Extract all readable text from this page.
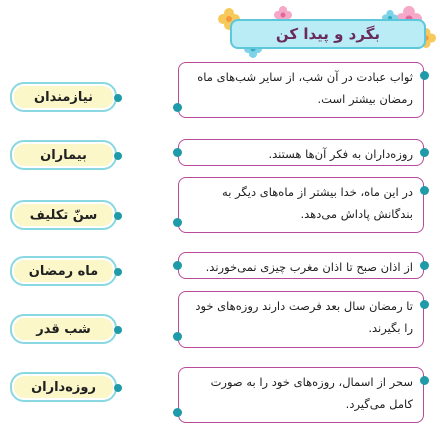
بگرد و پیدا کن
نیازمندان
بیماران
سنّ تکلیف
ماه رمضان
شب قدر
روزه‌داران
ثواب عبادت در آن شب، از سایر شب‌های ماه رمضان بیشتر است.
روزه‌داران به فکر آن‌ها هستند.
در این ماه، خدا بیشتر از ماه‌های دیگر به بندگانش پاداش می‌دهد.
از اذان صبح تا اذان مغرب چیزی نمی‌خورند.
تا رمضان سال بعد فرصت دارند روزه‌های خود را بگیرند.
سحر از اسمال، روزه‌های خود را به صورت کامل می‌گیرد.
